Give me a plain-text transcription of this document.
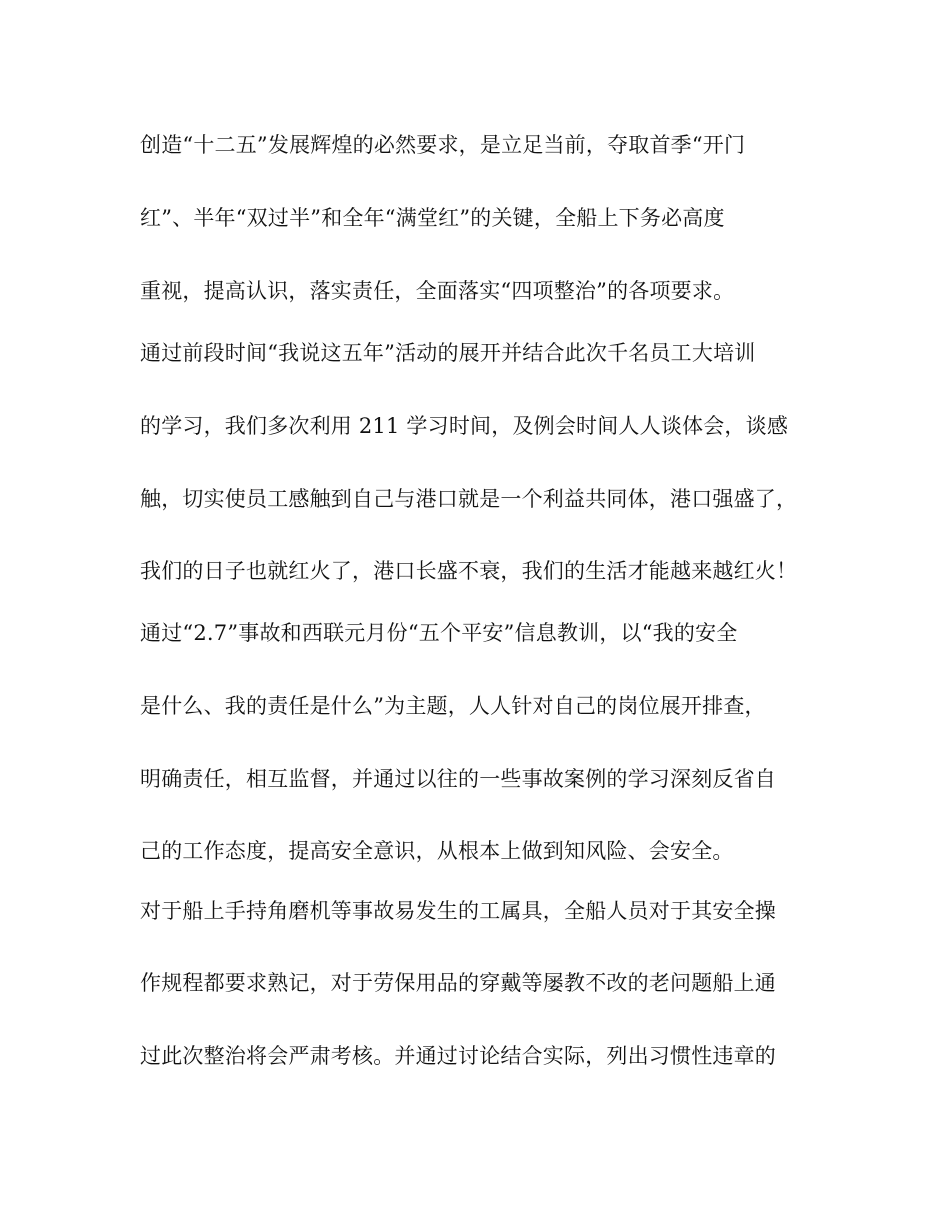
创造“十二五”发展辉煌的必然要求，是立足当前，夺取首季“开门
红”、半年“双过半”和全年“满堂红”的关键，全船上下务必高度
重视，提高认识，落实责任，全面落实“四项整治”的各项要求。
通过前段时间“我说这五年”活动的展开并结合此次千名员工大培训
的学习，我们多次利用 211 学习时间，及例会时间人人谈体会，谈感
触，切实使员工感触到自己与港口就是一个利益共同体，港口强盛了，
我们的日子也就红火了，港口长盛不衰，我们的生活才能越来越红火！
通过“2.7”事故和西联元月份“五个平安”信息教训，以“我的安全
是什么、我的责任是什么”为主题，人人针对自己的岗位展开排查，
明确责任，相互监督，并通过以往的一些事故案例的学习深刻反省自
己的工作态度，提高安全意识，从根本上做到知风险、会安全。
对于船上手持角磨机等事故易发生的工属具，全船人员对于其安全操
作规程都要求熟记，对于劳保用品的穿戴等屡教不改的老问题船上通
过此次整治将会严肃考核。并通过讨论结合实际，列出习惯性违章的
